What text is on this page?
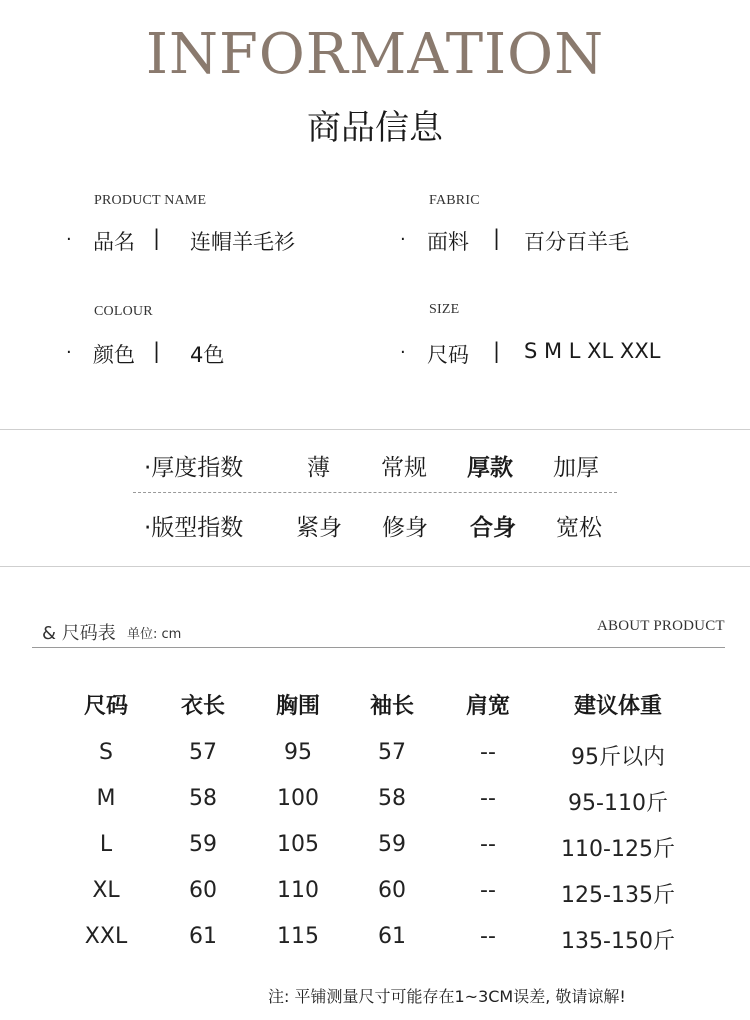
INFORMATION
商品信息
PRODUCT NAME
· 品名 | 连帽羊毛衫
FABRIC
· 面料 | 百分百羊毛
COLOUR
· 颜色 | 4色
SIZE
· 尺码 | S M L XL XXL
·厚度指数	薄 常规 厚款 加厚
·版型指数 紧身 修身 合身 宽松
& 尺码表 单位: cm
ABOUT PRODUCT
尺码	衣长	胸围	袖长	肩宽	建议体重
S	57	95	57	--	95斤以内
M	58	100	58	--	95-110斤
L	59	105	59	--	110-125斤
XL	60	110	60	--	125-135斤
XXL	61	115	61	--	135-150斤
注: 平铺测量尺寸可能存在1~3CM误差, 敬请谅解!
